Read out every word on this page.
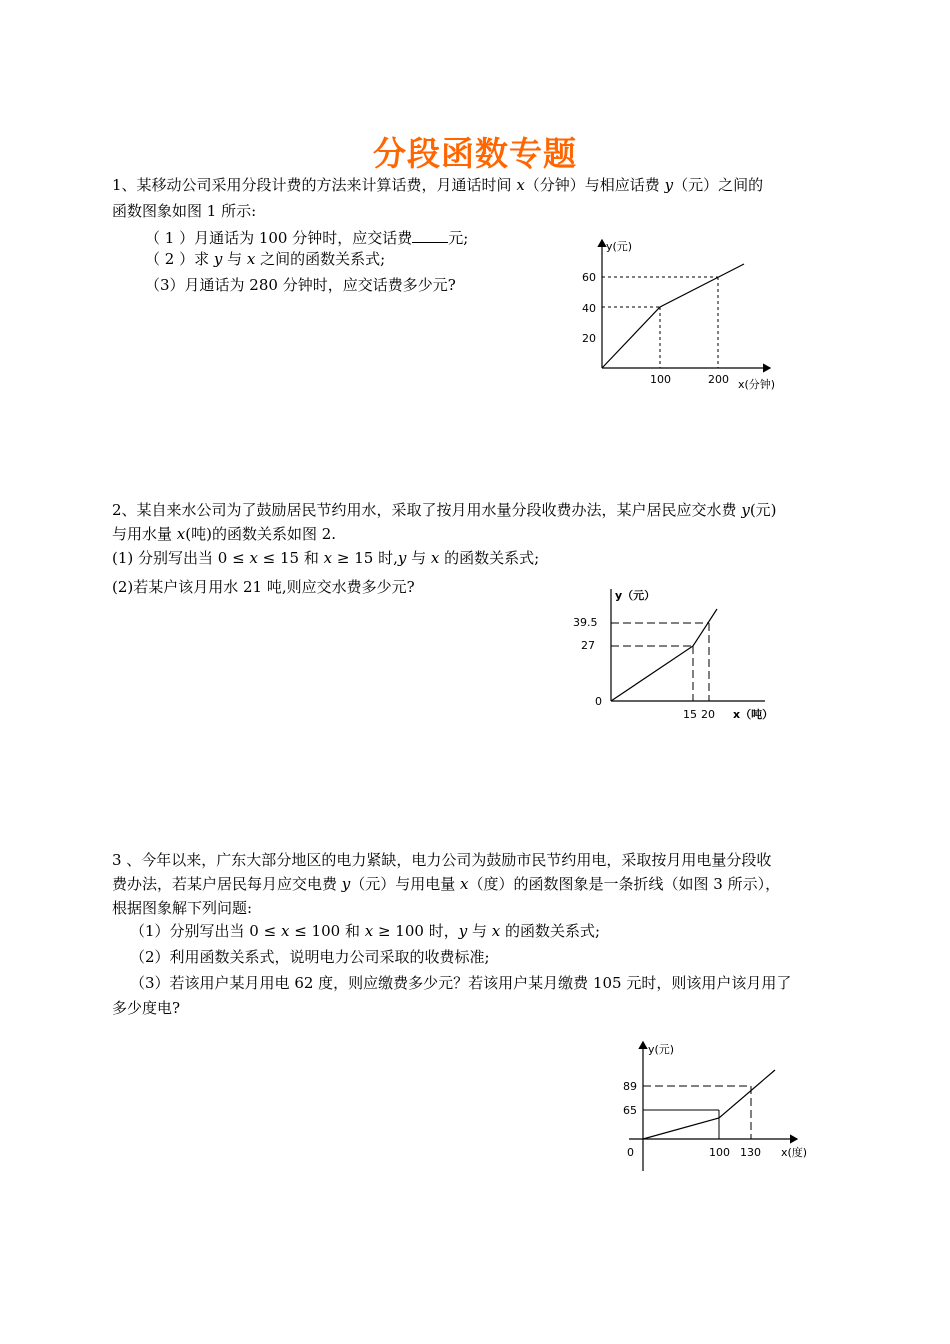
分段函数专题
1、某移动公司采用分段计费的方法来计算话费，月通话时间 x（分钟）与相应话费 y（元）之间的
函数图象如图 1 所示:
（ 1 ）月通话为 100 分钟时，应交话费 元;
（ 2 ）求 y 与 x 之间的函数关系式;
（3）月通话为 280 分钟时，应交话费多少元?
y(元)
x(分钟)
60
40
20
100	200
2、某自来水公司为了鼓励居民节约用水，采取了按月用水量分段收费办法，某户居民应交水费 y(元)
与用水量 x(吨)的函数关系如图 2.
(1) 分别写出当 0 ≤ x ≤ 15 和 x ≥ 15 时,y 与 x 的函数关系式;
(2)若某户该月用水 21 吨,则应交水费多少元?	y（元）
x（吨）
39.5
27
0
15 20
3 、今年以来，广东大部分地区的电力紧缺，电力公司为鼓励市民节约用电，采取按月用电量分段收
费办法，若某户居民每月应交电费 y（元）与用电量 x（度）的函数图象是一条折线（如图 3 所示），
根据图象解下列问题:
（1）分别写出当 0 ≤ x ≤ 100 和 x ≥ 100 时，y 与 x 的函数关系式;
（2）利用函数关系式，说明电力公司采取的收费标准;
（3）若该用户某月用电 62 度，则应缴费多少元？若该用户某月缴费 105 元时，则该用户该月用了
多少度电?
y(元)
x(度)
89
65
0	100 130
